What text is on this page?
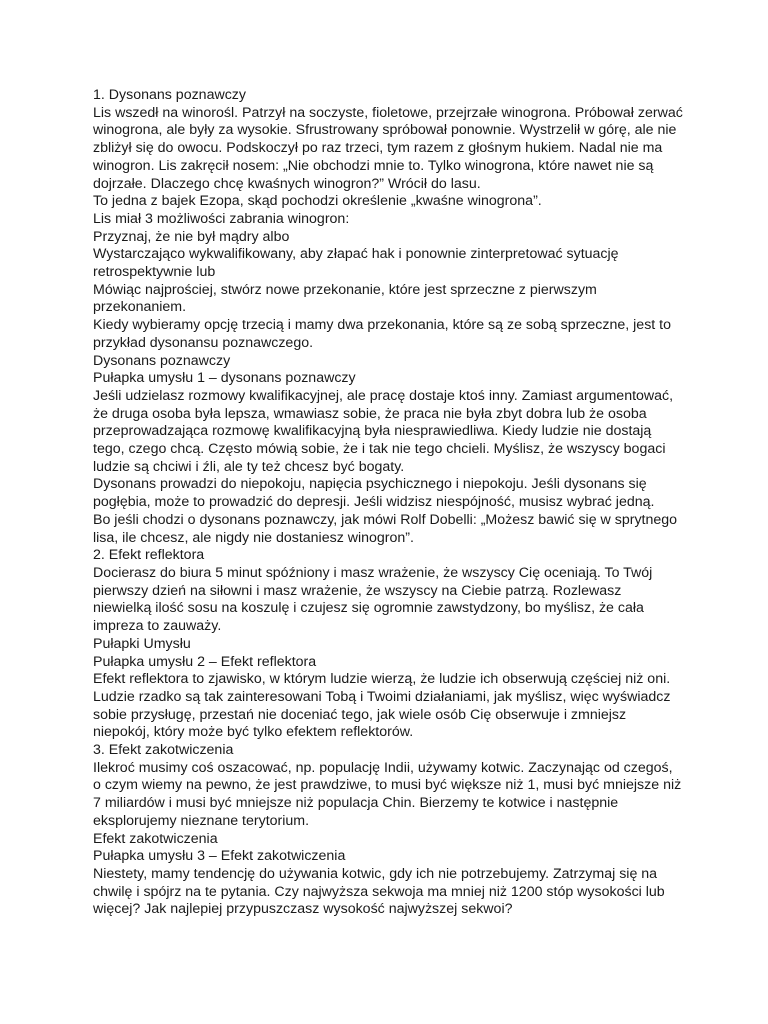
1. Dysonans poznawczy

Lis wszedł na winorośl. Patrzył na soczyste, fioletowe, przejrzałe winogrona. Próbował zerwać winogrona, ale były za wysokie. Sfrustrowany spróbował ponownie. Wystrzelił w górę, ale nie zbliżył się do owocu. Podskoczył po raz trzeci, tym razem z głośnym hukiem. Nadal nie ma winogron. Lis zakręcił nosem: „Nie obchodzi mnie to. Tylko winogrona, które nawet nie są dojrzałe. Dlaczego chcę kwaśnych winogron?” Wrócił do lasu.

To jedna z bajek Ezopa, skąd pochodzi określenie „kwaśne winogrona”.

Lis miał 3 możliwości zabrania winogron:

Przyznaj, że nie był mądry albo

Wystarczająco wykwalifikowany, aby złapać hak i ponownie zinterpretować sytuację retrospektywnie lub

Mówiąc najprościej, stwórz nowe przekonanie, które jest sprzeczne z pierwszym przekonaniem.

Kiedy wybieramy opcję trzecią i mamy dwa przekonania, które są ze sobą sprzeczne, jest to przykład dysonansu poznawczego.

Dysonans poznawczy

Pułapka umysłu 1 – dysonans poznawczy

Jeśli udzielasz rozmowy kwalifikacyjnej, ale pracę dostaje ktoś inny. Zamiast argumentować, że druga osoba była lepsza, wmawiasz sobie, że praca nie była zbyt dobra lub że osoba przeprowadzająca rozmowę kwalifikacyjną była niesprawiedliwa. Kiedy ludzie nie dostają tego, czego chcą. Często mówią sobie, że i tak nie tego chcieli. Myślisz, że wszyscy bogaci ludzie są chciwi i źli, ale ty też chcesz być bogaty.

Dysonans prowadzi do niepokoju, napięcia psychicznego i niepokoju. Jeśli dysonans się pogłębia, może to prowadzić do depresji. Jeśli widzisz niespójność, musisz wybrać jedną.

Bo jeśli chodzi o dysonans poznawczy, jak mówi Rolf Dobelli: „Możesz bawić się w sprytnego lisa, ile chcesz, ale nigdy nie dostaniesz winogron”.

2. Efekt reflektora

Docierasz do biura 5 minut spóźniony i masz wrażenie, że wszyscy Cię oceniają. To Twój pierwszy dzień na siłowni i masz wrażenie, że wszyscy na Ciebie patrzą. Rozlewasz niewielką ilość sosu na koszulę i czujesz się ogromnie zawstydzony, bo myślisz, że cała impreza to zauważy.

Pułapki Umysłu

Pułapka umysłu 2 – Efekt reflektora

Efekt reflektora to zjawisko, w którym ludzie wierzą, że ludzie ich obserwują częściej niż oni. Ludzie rzadko są tak zainteresowani Tobą i Twoimi działaniami, jak myślisz, więc wyświadcz sobie przysługę, przestań nie doceniać tego, jak wiele osób Cię obserwuje i zmniejsz niepokój, który może być tylko efektem reflektorów.

3. Efekt zakotwiczenia

Ilekroć musimy coś oszacować, np. populację Indii, używamy kotwic. Zaczynając od czegoś, o czym wiemy na pewno, że jest prawdziwe, to musi być większe niż 1, musi być mniejsze niż 7 miliardów i musi być mniejsze niż populacja Chin. Bierzemy te kotwice i następnie eksplorujemy nieznane terytorium.

Efekt zakotwiczenia

Pułapka umysłu 3 – Efekt zakotwiczenia

Niestety, mamy tendencję do używania kotwic, gdy ich nie potrzebujemy. Zatrzymaj się na chwilę i spójrz na te pytania. Czy najwyższa sekwoja ma mniej niż 1200 stóp wysokości lub więcej? Jak najlepiej przypuszczasz wysokość najwyższej sekwoi?
